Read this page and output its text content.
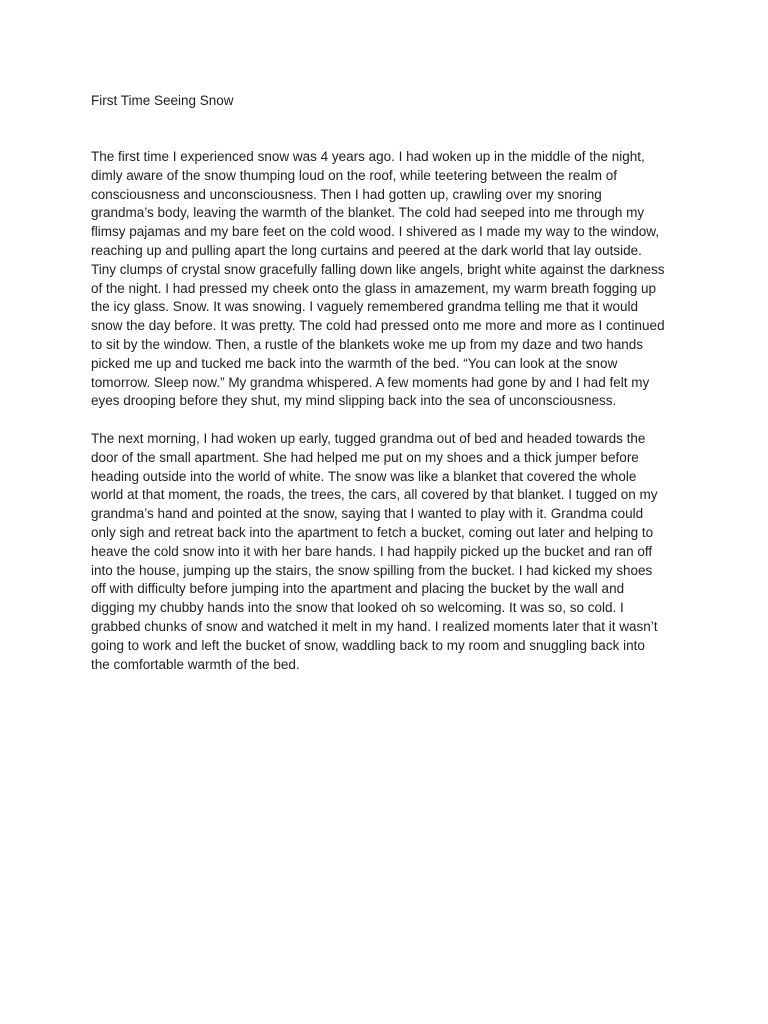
First Time Seeing Snow

The first time I experienced snow was 4 years ago. I had woken up in the middle of the night,
dimly aware of the snow thumping loud on the roof, while teetering between the realm of
consciousness and unconsciousness. Then I had gotten up, crawling over my snoring
grandma’s body, leaving the warmth of the blanket. The cold had seeped into me through my
flimsy pajamas and my bare feet on the cold wood. I shivered as I made my way to the window,
reaching up and pulling apart the long curtains and peered at the dark world that lay outside.
Tiny clumps of crystal snow gracefully falling down like angels, bright white against the darkness
of the night. I had pressed my cheek onto the glass in amazement, my warm breath fogging up
the icy glass. Snow. It was snowing. I vaguely remembered grandma telling me that it would
snow the day before. It was pretty. The cold had pressed onto me more and more as I continued
to sit by the window. Then, a rustle of the blankets woke me up from my daze and two hands
picked me up and tucked me back into the warmth of the bed. “You can look at the snow
tomorrow. Sleep now.” My grandma whispered. A few moments had gone by and I had felt my
eyes drooping before they shut, my mind slipping back into the sea of unconsciousness.

The next morning, I had woken up early, tugged grandma out of bed and headed towards the
door of the small apartment. She had helped me put on my shoes and a thick jumper before
heading outside into the world of white. The snow was like a blanket that covered the whole
world at that moment, the roads, the trees, the cars, all covered by that blanket. I tugged on my
grandma’s hand and pointed at the snow, saying that I wanted to play with it. Grandma could
only sigh and retreat back into the apartment to fetch a bucket, coming out later and helping to
heave the cold snow into it with her bare hands. I had happily picked up the bucket and ran off
into the house, jumping up the stairs, the snow spilling from the bucket. I had kicked my shoes
off with difficulty before jumping into the apartment and placing the bucket by the wall and
digging my chubby hands into the snow that looked oh so welcoming. It was so, so cold. I
grabbed chunks of snow and watched it melt in my hand. I realized moments later that it wasn’t
going to work and left the bucket of snow, waddling back to my room and snuggling back into
the comfortable warmth of the bed.
